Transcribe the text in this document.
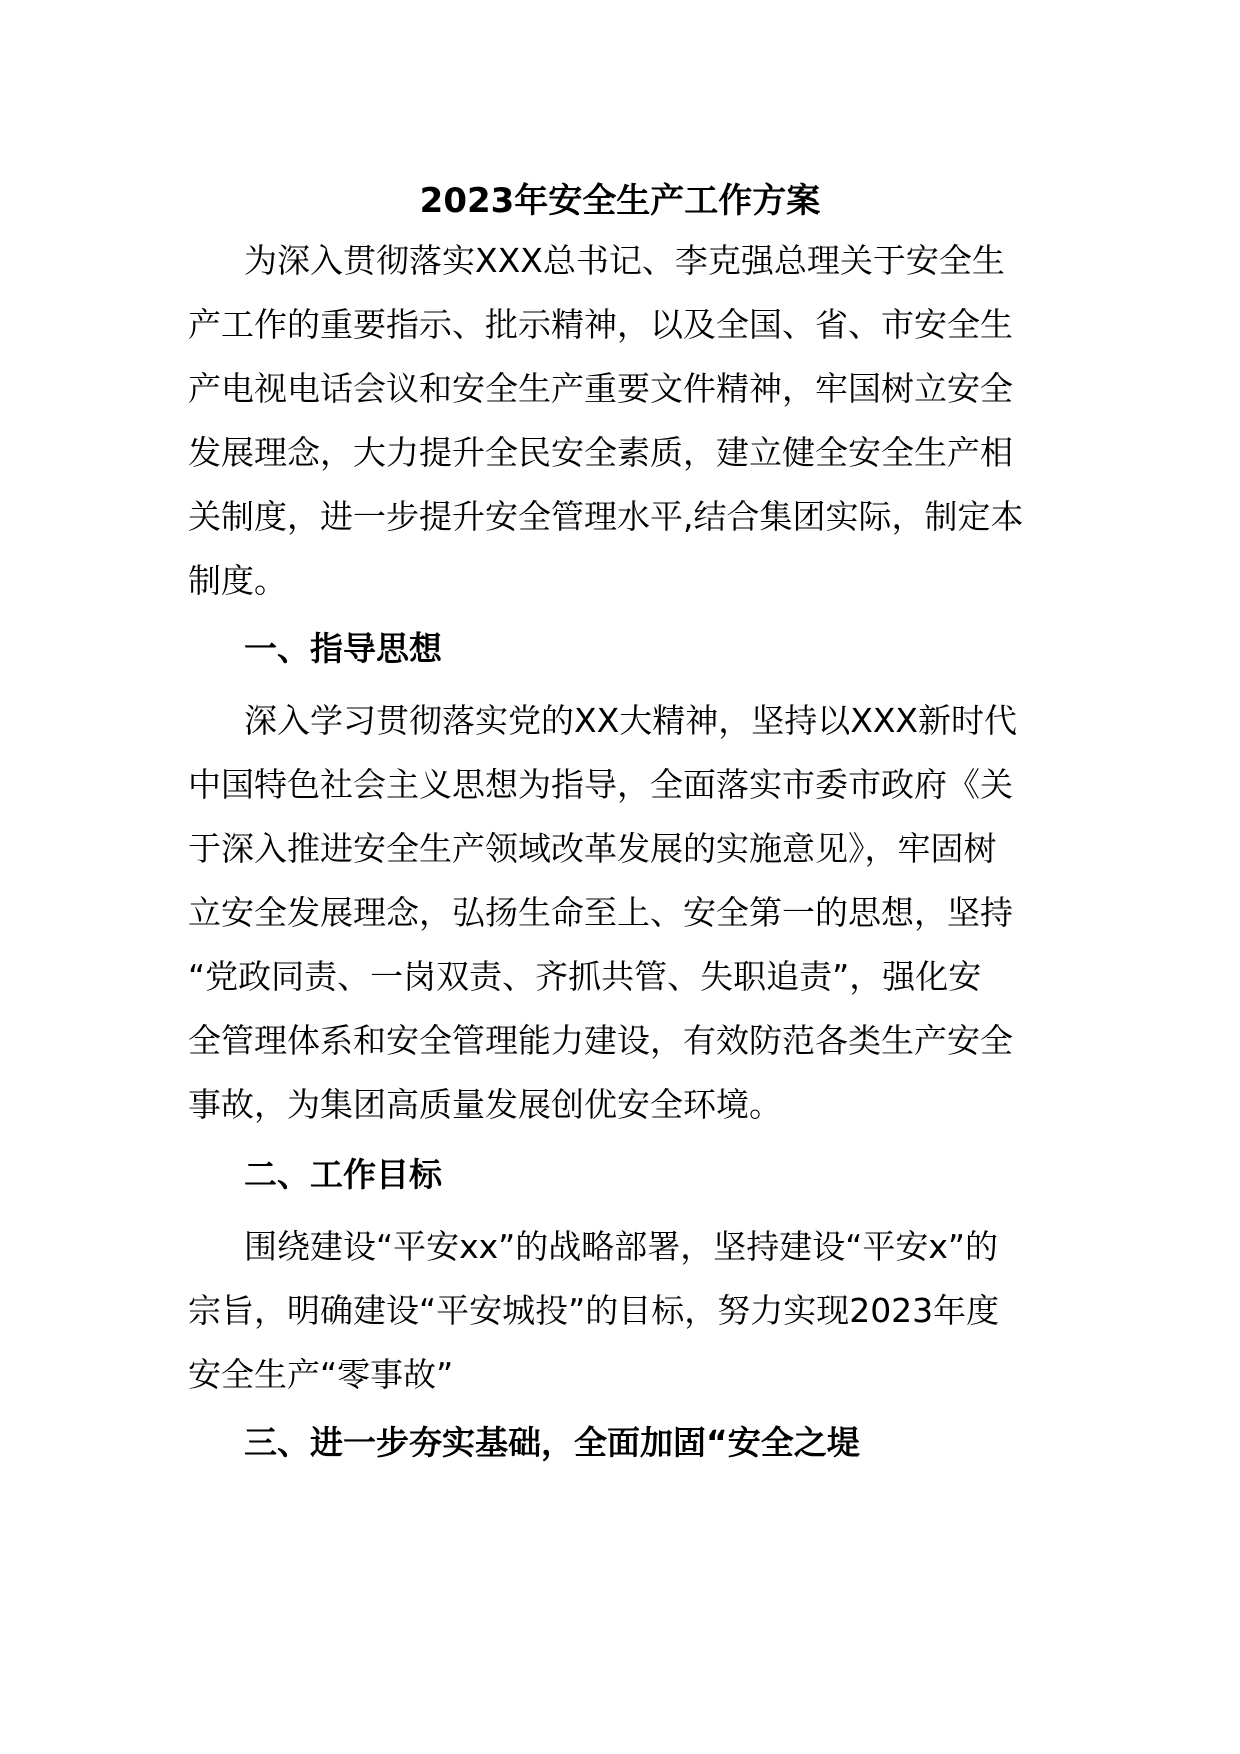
2023年安全生产工作方案
为深入贯彻落实XXX总书记、李克强总理关于安全生
产工作的重要指示、批示精神，以及全国、省、市安全生
产电视电话会议和安全生产重要文件精神，牢国树立安全
发展理念，大力提升全民安全素质，建立健全安全生产相
关制度，进一步提升安全管理水平,结合集团实际，制定本
制度。
一、指导思想
深入学习贯彻落实党的XX大精神，坚持以XXX新时代
中国特色社会主义思想为指导，全面落实市委市政府《关
于深入推进安全生产领域改革发展的实施意见》，牢固树
立安全发展理念，弘扬生命至上、安全第一的思想，坚持
“党政同责、一岗双责、齐抓共管、失职追责”，强化安
全管理体系和安全管理能力建设，有效防范各类生产安全
事故，为集团高质量发展创优安全环境。
二、工作目标
围绕建设“平安xx”的战略部署，坚持建设“平安x”的
宗旨，明确建设“平安城投”的目标，努力实现2023年度
安全生产“零事故”
三、进一步夯实基础，全面加固“安全之堤
